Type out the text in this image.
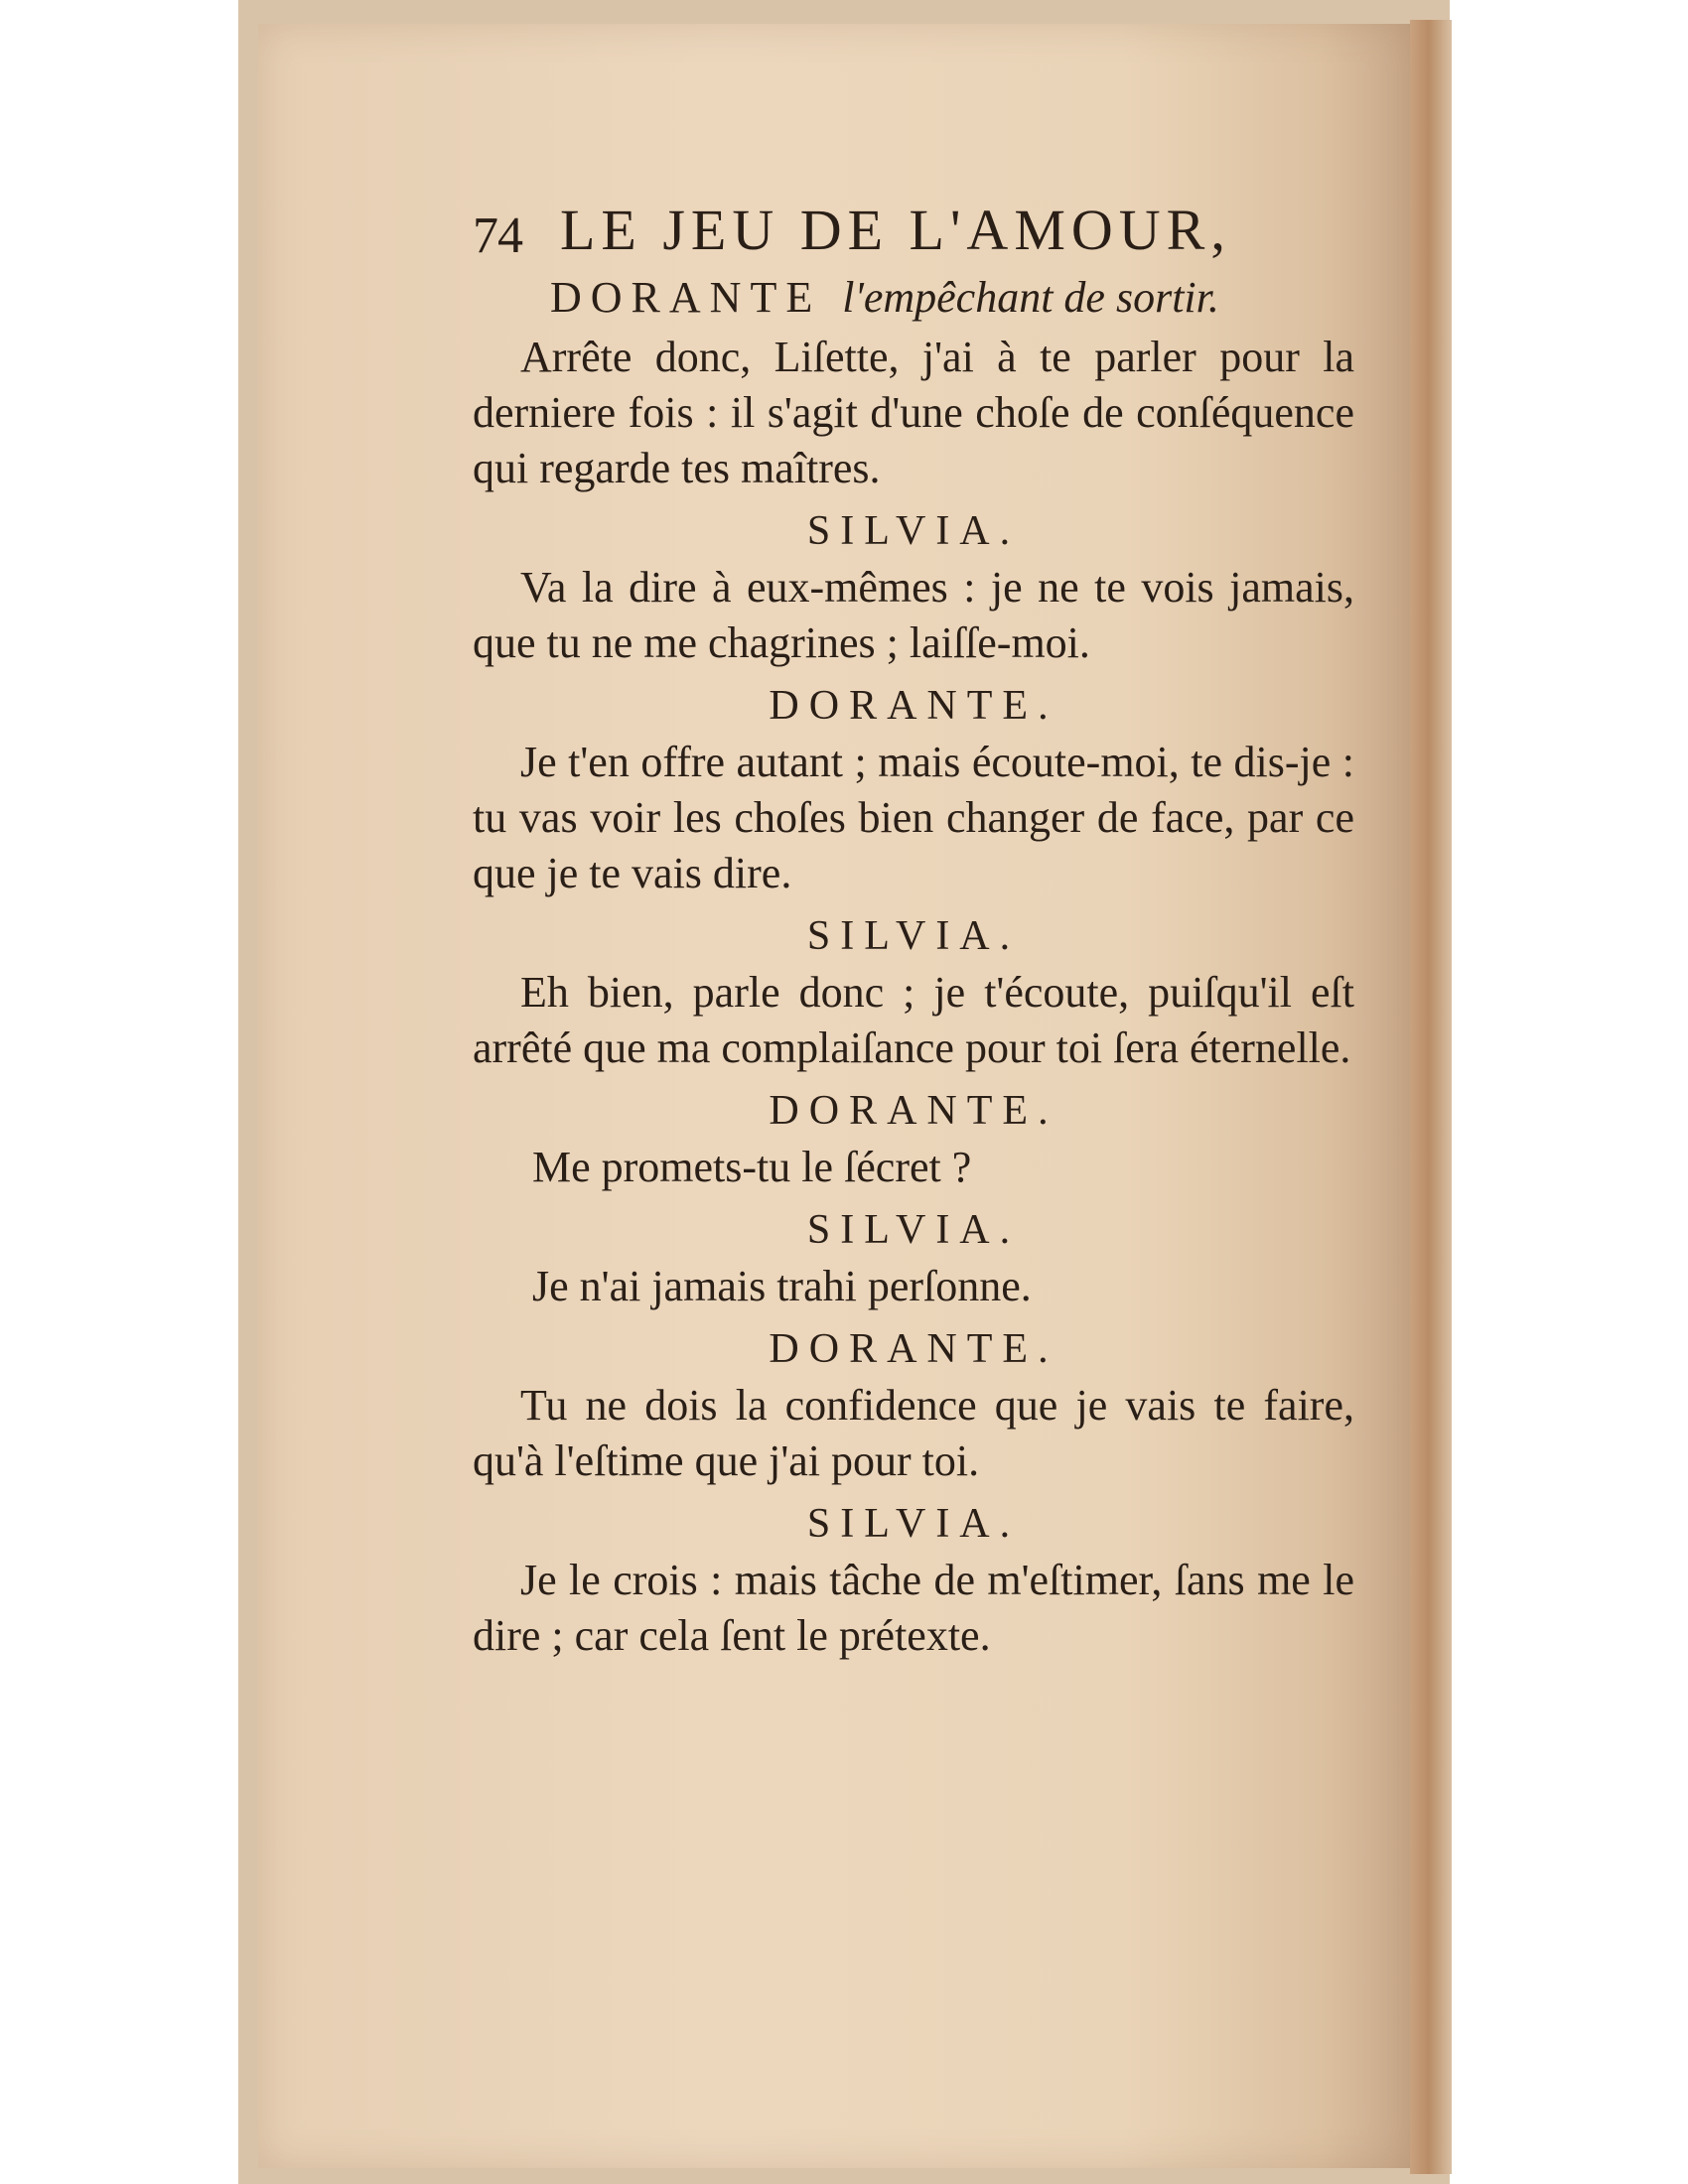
74 LE JEU DE L'AMOUR,
DORANTE l'empêchant de sortir.

Arrête donc, Liſette, j'ai à te parler pour la derniere fois : il s'agit d'une choſe de conſéquence qui regarde tes maîtres.

SILVIA.

Va la dire à eux-mêmes : je ne te vois jamais, que tu ne me chagrines ; laiſſe-moi.

DORANTE.

Je t'en offre autant ; mais écoute-moi, te dis-je : tu vas voir les choſes bien changer de face, par ce que je te vais dire.

SILVIA.

Eh bien, parle donc ; je t'écoute, puiſqu'il eſt arrêté que ma complaiſance pour toi ſera éternelle.

DORANTE.

Me promets-tu le ſécret ?

SILVIA.

Je n'ai jamais trahi perſonne.

DORANTE.

Tu ne dois la confidence que je vais te faire, qu'à l'eſtime que j'ai pour toi.

SILVIA.

Je le crois : mais tâche de m'eſtimer, ſans me le dire ; car cela ſent le prétexte.
